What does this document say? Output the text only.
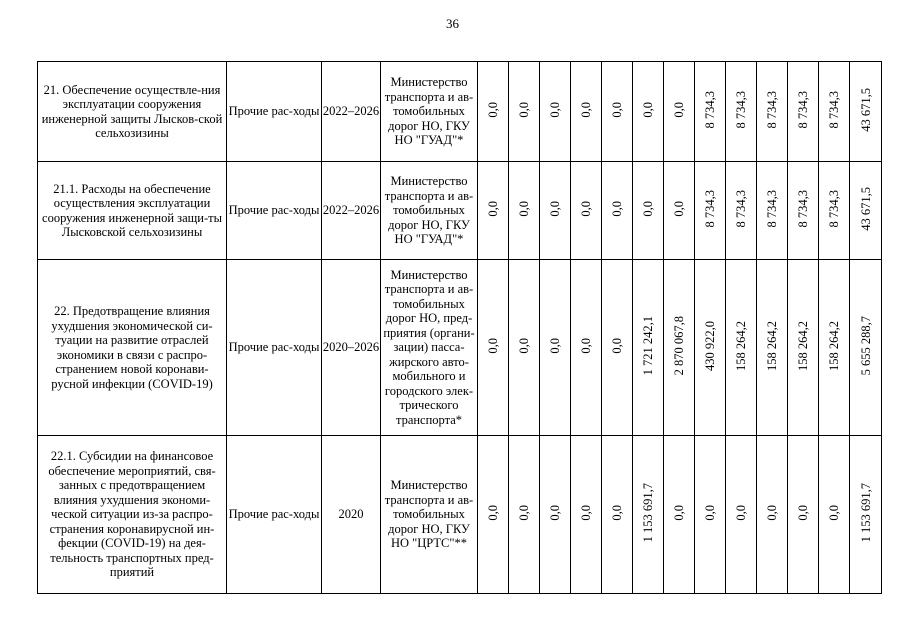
36
21. Обеспечение осуществле-ния эксплуатации сооружения инженерной защиты Лысков-ской сельхозизины	Прочие рас-ходы	2022–2026	Министерство транспорта и ав-томобильных дорог НО, ГКУ НО "ГУАД"*	0,0	0,0	0,0	0,0	0,0	0,0	0,0	8 734,3	8 734,3	8 734,3	8 734,3	8 734,3	43 671,5
21.1. Расходы на обеспечение осуществления эксплуатации сооружения инженерной защи-ты Лысковской сельхозизины	Прочие рас-ходы	2022–2026	Министерство транспорта и ав-томобильных дорог НО, ГКУ НО "ГУАД"*	0,0	0,0	0,0	0,0	0,0	0,0	0,0	8 734,3	8 734,3	8 734,3	8 734,3	8 734,3	43 671,5
22. Предотвращение влияния ухудшения экономической си-туации на развитие отраслей экономики в связи с распро-странением новой коронави-русной инфекции (COVID-19)	Прочие рас-ходы	2020–2026	Министерство транспорта и ав-томобильных дорог НО, пред-приятия (органи-зации) пасса-жирского авто-мобильного и городского элек-трического транспорта*	0,0	0,0	0,0	0,0	0,0	1 721 242,1	2 870 067,8	430 922,0	158 264,2	158 264,2	158 264,2	158 264,2	5 655 288,7
22.1. Субсидии на финансовое обеспечение мероприятий, свя-занных с предотвращением влияния ухудшения экономи-ческой ситуации из-за распро-странения коронавирусной ин-фекции (COVID-19) на дея-тельность транспортных пред-приятий	Прочие рас-ходы	2020	Министерство транспорта и ав-томобильных дорог НО, ГКУ НО "ЦРТС"**	0,0	0,0	0,0	0,0	0,0	1 153 691,7	0,0	0,0	0,0	0,0	0,0	0,0	1 153 691,7
